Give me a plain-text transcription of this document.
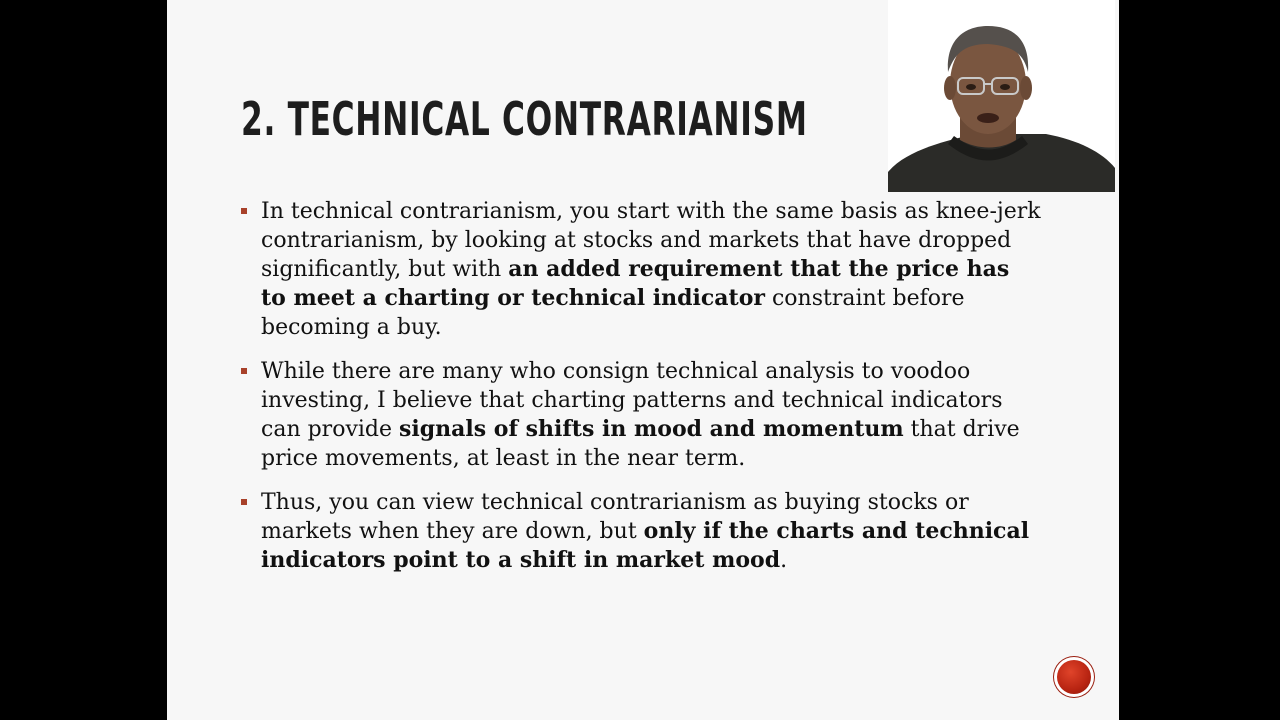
2. TECHNICAL CONTRARIANISM
In technical contrarianism, you start with the same basis as knee-jerk contrarianism, by looking at stocks and markets that have dropped significantly, but with an added requirement that the price has to meet a charting or technical indicator constraint before becoming a buy.
While there are many who consign technical analysis to voodoo investing, I believe that charting patterns and technical indicators can provide signals of shifts in mood and momentum that drive price movements, at least in the near term.
Thus, you can view technical contrarianism as buying stocks or markets when they are down, but only if the charts and technical indicators point to a shift in market mood.
